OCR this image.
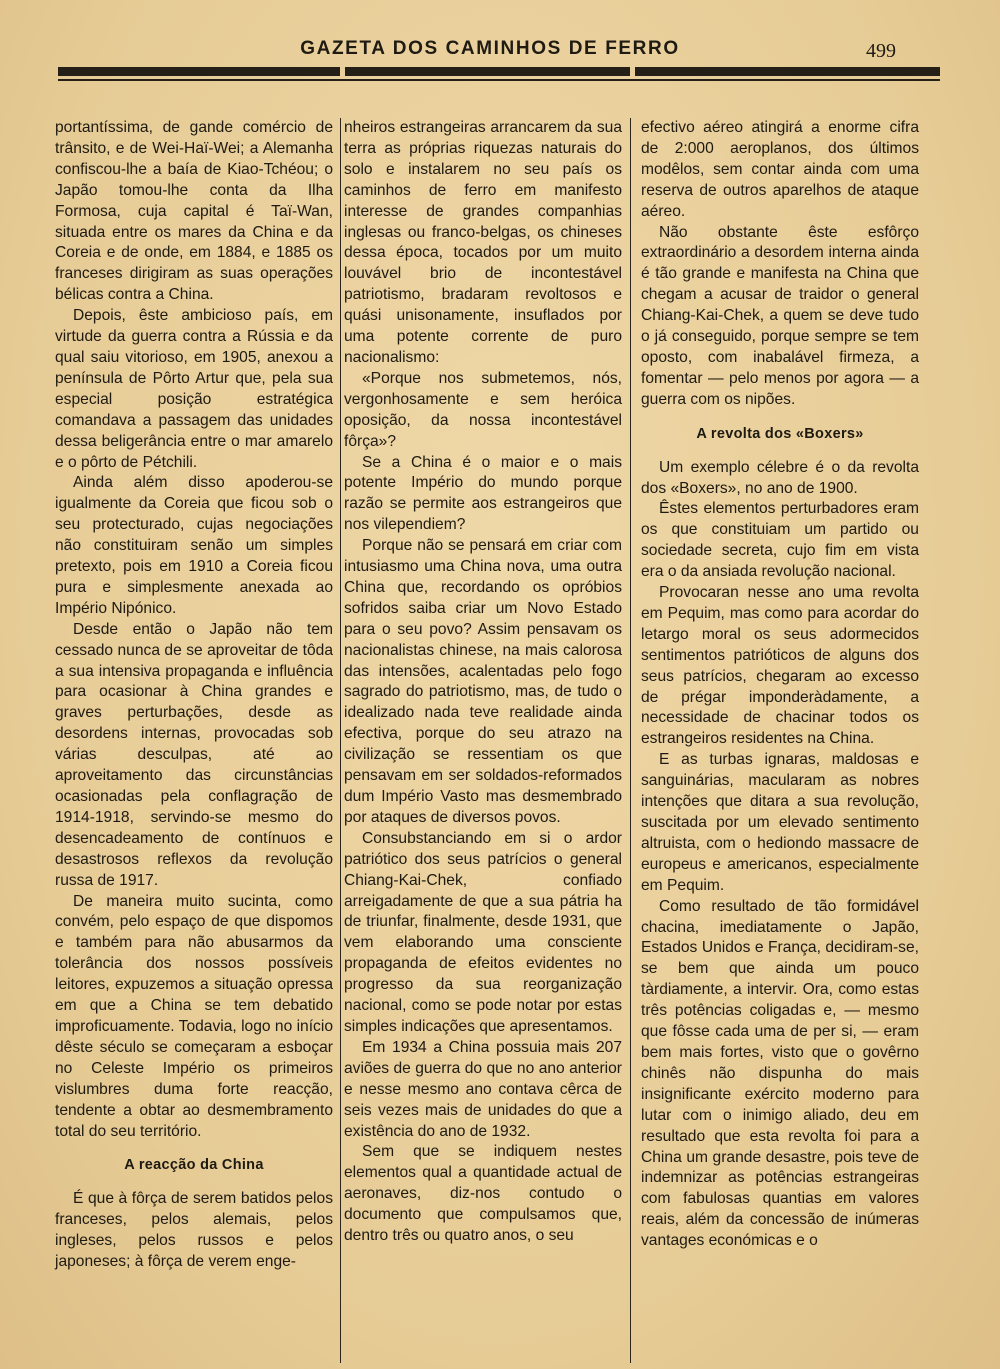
GAZETA DOS CAMINHOS DE FERRO	499

portantíssima, de gande comércio de trânsito, e de Wei-Haï-Wei; a Alemanha confiscou-lhe a baía de Kiao-Tchéou; o Japão tomou-lhe conta da Ilha Formosa, cuja capital é Taï-Wan, situada entre os mares da China e da Coreia e de onde, em 1884, e 1885 os franceses dirigiram as suas operações bélicas contra a China.

Depois, êste ambicioso país, em virtude da guerra contra a Rússia e da qual saiu vitorioso, em 1905, anexou a península de Pôrto Artur que, pela sua especial posição estratégica comandava a passagem das unidades dessa beligerância entre o mar amarelo e o pôrto de Pétchili.

Ainda além disso apoderou-se igualmente da Coreia que ficou sob o seu protecturado, cujas negociações não constituiram senão um simples pretexto, pois em 1910 a Coreia ficou pura e simplesmente anexada ao Império Nipónico.

Desde então o Japão não tem cessado nunca de se aproveitar de tôda a sua intensiva propaganda e influência para ocasionar à China grandes e graves perturbações, desde as desordens internas, provocadas sob várias desculpas, até ao aproveitamento das circunstâncias ocasionadas pela conflagração de 1914-1918, servindo-se mesmo do desencadeamento de contínuos e desastrosos reflexos da revolução russa de 1917.

De maneira muito sucinta, como convém, pelo espaço de que dispomos e também para não abusarmos da tolerância dos nossos possíveis leitores, expuzemos a situação opressa em que a China se tem debatido improficuamente. Todavia, logo no início dêste século se começaram a esboçar no Celeste Império os primeiros vislumbres duma forte reacção, tendente a obtar ao desmembramento total do seu território.

A reacção da China

É que à fôrça de serem batidos pelos franceses, pelos alemais, pelos ingleses, pelos russos e pelos japoneses; à fôrça de verem enge-

nheiros estrangeiras arrancarem da sua terra as próprias riquezas naturais do solo e instalarem no seu país os caminhos de ferro em manifesto interesse de grandes companhias inglesas ou franco-belgas, os chineses dessa época, tocados por um muito louvável brio de incontestável patriotismo, bradaram revoltosos e quási unisonamente, insuflados por uma potente corrente de puro nacionalismo:

«Porque nos submetemos, nós, vergonhosamente e sem heróica oposição, da nossa incontestável fôrça»?

Se a China é o maior e o mais potente Império do mundo porque razão se permite aos estrangeiros que nos vilependiem?

Porque não se pensará em criar com intusiasmo uma China nova, uma outra China que, recordando os opróbios sofridos saiba criar um Novo Estado para o seu povo? Assim pensavam os nacionalistas chinese, na mais calorosa das intensões, acalentadas pelo fogo sagrado do patriotismo, mas, de tudo o idealizado nada teve realidade ainda efectiva, porque do seu atrazo na civilização se ressentiam os que pensavam em ser soldados-reformados dum Império Vasto mas desmembrado por ataques de diversos povos.

Consubstanciando em si o ardor patriótico dos seus patrícios o general Chiang-Kai-Chek, confiado arreigadamente de que a sua pátria ha de triunfar, finalmente, desde 1931, que vem elaborando uma consciente propaganda de efeitos evidentes no progresso da sua reorganização nacional, como se pode notar por estas simples indicações que apresentamos.

Em 1934 a China possuia mais 207 aviões de guerra do que no ano anterior e nesse mesmo ano contava cêrca de seis vezes mais de unidades do que a existência do ano de 1932.

Sem que se indiquem nestes elementos qual a quantidade actual de aeronaves, diz-nos contudo o documento que compulsamos que, dentro três ou quatro anos, o seu

efectivo aéreo atingirá a enorme cifra de 2:000 aeroplanos, dos últimos modêlos, sem contar ainda com uma reserva de outros aparelhos de ataque aéreo.

Não obstante êste esfôrço extraordinário a desordem interna ainda é tão grande e manifesta na China que chegam a acusar de traidor o general Chiang-Kai-Chek, a quem se deve tudo o já conseguido, porque sempre se tem oposto, com inabalável firmeza, a fomentar — pelo menos por agora — a guerra com os nipões.

A revolta dos «Boxers»

Um exemplo célebre é o da revolta dos «Boxers», no ano de 1900.

Êstes elementos perturbadores eram os que constituiam um partido ou sociedade secreta, cujo fim em vista era o da ansiada revolução nacional.

Provocaran nesse ano uma revolta em Pequim, mas como para acordar do letargo moral os seus adormecidos sentimentos patrióticos de alguns dos seus patrícios, chegaram ao excesso de prégar imponderàdamente, a necessidade de chacinar todos os estrangeiros residentes na China.

E as turbas ignaras, maldosas e sanguinárias, macularam as nobres intenções que ditara a sua revolução, suscitada por um elevado sentimento altruista, com o hediondo massacre de europeus e americanos, especialmente em Pequim.

Como resultado de tão formidável chacina, imediatamente o Japão, Estados Unidos e França, decidiram-se, se bem que ainda um pouco tàrdiamente, a intervir. Ora, como estas três potências coligadas e, — mesmo que fôsse cada uma de per si, — eram bem mais fortes, visto que o govêrno chinês não dispunha do mais insignificante exército moderno para lutar com o inimigo aliado, deu em resultado que esta revolta foi para a China um grande desastre, pois teve de indemnizar as potências estrangeiras com fabulosas quantias em valores reais, além da concessão de inúmeras vantages económicas e o
